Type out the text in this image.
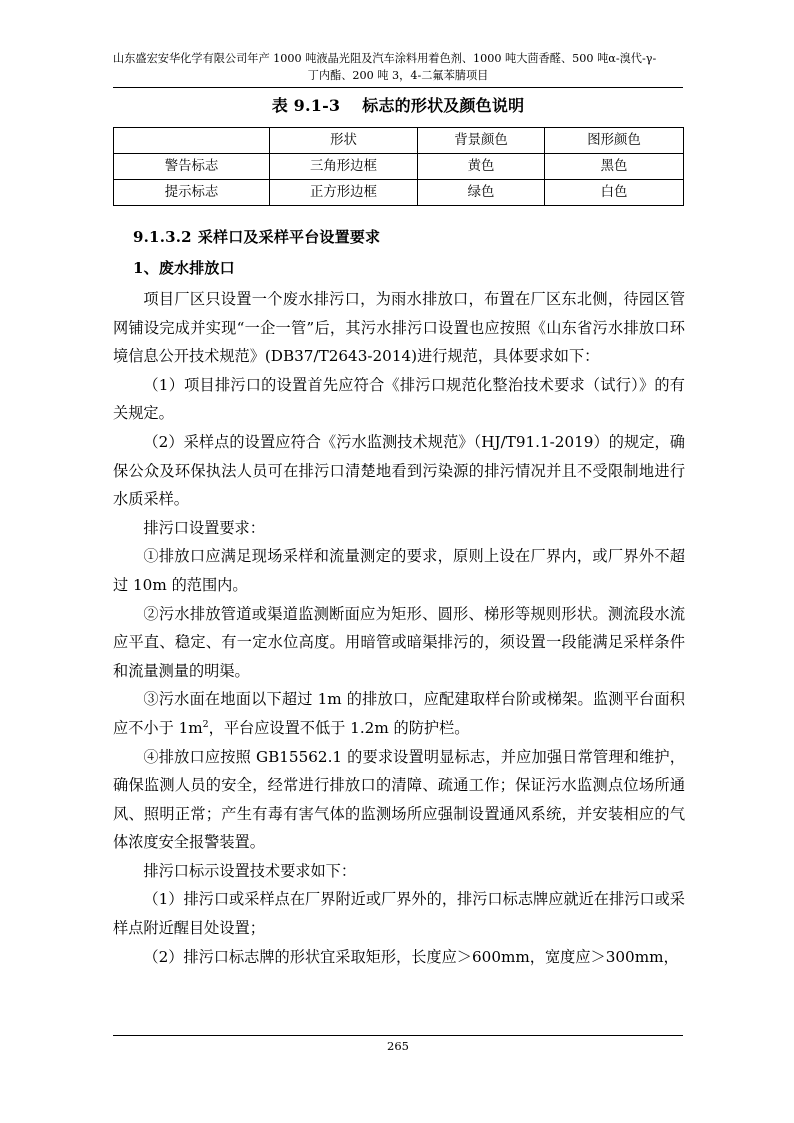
山东盛宏安华化学有限公司年产 1000 吨液晶光阻及汽车涂料用着色剂、1000 吨大茴香醛、500 吨α-溴代-γ-
丁内酯、200 吨 3，4-二氟苯腈项目
表 9.1-3 标志的形状及颜色说明
	形状	背景颜色	图形颜色
警告标志	三角形边框	黄色	黑色
提示标志	正方形边框	绿色	白色
9.1.3.2 采样口及采样平台设置要求
1、废水排放口

项目厂区只设置一个废水排污口，为雨水排放口，布置在厂区东北侧，待园区管网铺设完成并实现“一企一管”后，其污水排污口设置也应按照《山东省污水排放口环境信息公开技术规范》(DB37/T2643-2014)进行规范，具体要求如下：

（1）项目排污口的设置首先应符合《排污口规范化整治技术要求（试行）》的有关规定。

（2）采样点的设置应符合《污水监测技术规范》（HJ/T91.1-2019）的规定，确保公众及环保执法人员可在排污口清楚地看到污染源的排污情况并且不受限制地进行水质采样。

排污口设置要求：

①排放口应满足现场采样和流量测定的要求，原则上设在厂界内，或厂界外不超过 10m 的范围内。

②污水排放管道或渠道监测断面应为矩形、圆形、梯形等规则形状。测流段水流应平直、稳定、有一定水位高度。用暗管或暗渠排污的，须设置一段能满足采样条件和流量测量的明渠。

③污水面在地面以下超过 1m 的排放口，应配建取样台阶或梯架。监测平台面积应不小于 $1m^2$，平台应设置不低于 1.2m 的防护栏。

④排放口应按照 GB15562.1 的要求设置明显标志，并应加强日常管理和维护，确保监测人员的安全，经常进行排放口的清障、疏通工作；保证污水监测点位场所通风、照明正常；产生有毒有害气体的监测场所应强制设置通风系统，并安装相应的气体浓度安全报警装置。

排污口标示设置技术要求如下：

（1）排污口或采样点在厂界附近或厂界外的，排污口标志牌应就近在排污口或采样点附近醒目处设置；

（2）排污口标志牌的形状宜采取矩形，长度应＞600mm，宽度应＞300mm，

265
